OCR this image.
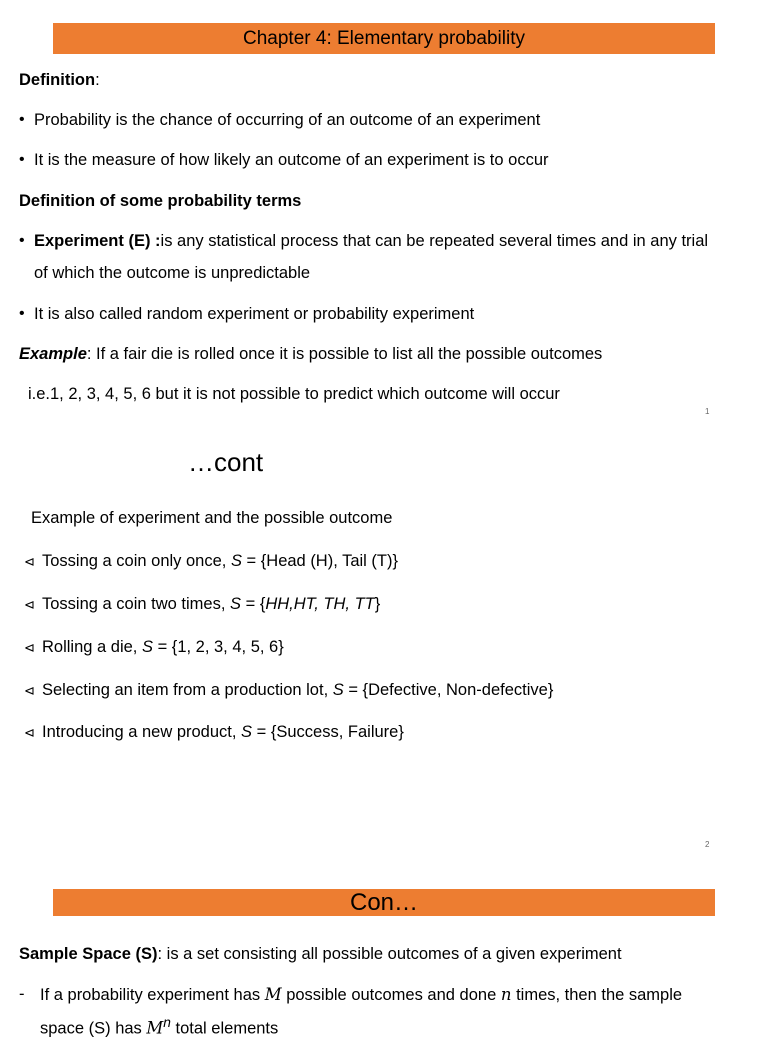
Chapter 4: Elementary probability
Definition:
• Probability is the chance of occurring of an outcome of an experiment
• It is the measure of how likely an outcome of an experiment is to occur
Definition of some probability terms
• Experiment (E) :is any statistical process that can be repeated several times and in any trial
of which the outcome is unpredictable
• It is also called random experiment or probability experiment
Example: If a fair die is rolled once it is possible to list all the possible outcomes
i.e.1, 2, 3, 4, 5, 6 but it is not possible to predict which outcome will occur
1
…cont
Example of experiment and the possible outcome
⊲ Tossing a coin only once, S = {Head (H), Tail (T)}
⊲ Tossing a coin two times, S = {HH,HT, TH, TT}
⊲ Rolling a die, S = {1, 2, 3, 4, 5, 6}
⊲ Selecting an item from a production lot, S = {Defective, Non-defective}
⊲ Introducing a new product, S = {Success, Failure}
2
Con…
Sample Space (S): is a set consisting all possible outcomes of a given experiment
- If a probability experiment has M possible outcomes and done n times, then the sample
space (S) has $M^n$ total elements
